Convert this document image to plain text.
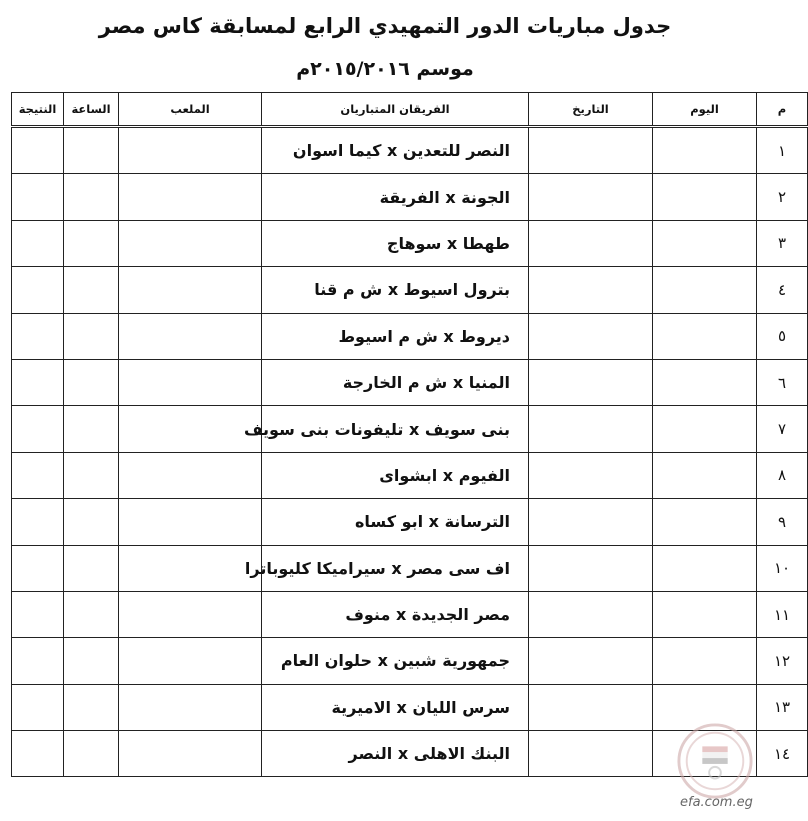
جدول مباريات الدور التمهيدي الرابع لمسابقة كاس مصر
موسم ٢٠١٥/٢٠١٦م
م	اليوم	التاريخ	الفريقان المتباريان	الملعب	الساعة	النتيجة
١			النصر للتعدين x كيما اسوان			
٢			الجونة x الفريقة			
٣			طهطا x سوهاج			
٤			بترول اسيوط x ش م قنا			
٥			ديروط x ش م اسيوط			
٦			المنيا x ش م الخارجة			
٧			بنى سويف x تليفونات بنى سويف			
٨			الفيوم x ابشواى			
٩			الترسانة x ابو كساه			
١٠			اف سى مصر x سيراميكا كليوباترا			
١١			مصر الجديدة x منوف			
١٢			جمهورية شبين x حلوان العام			
١٣			سرس الليان x الاميرية			
١٤			البنك الاهلى x النصر			
efa.com.eg
